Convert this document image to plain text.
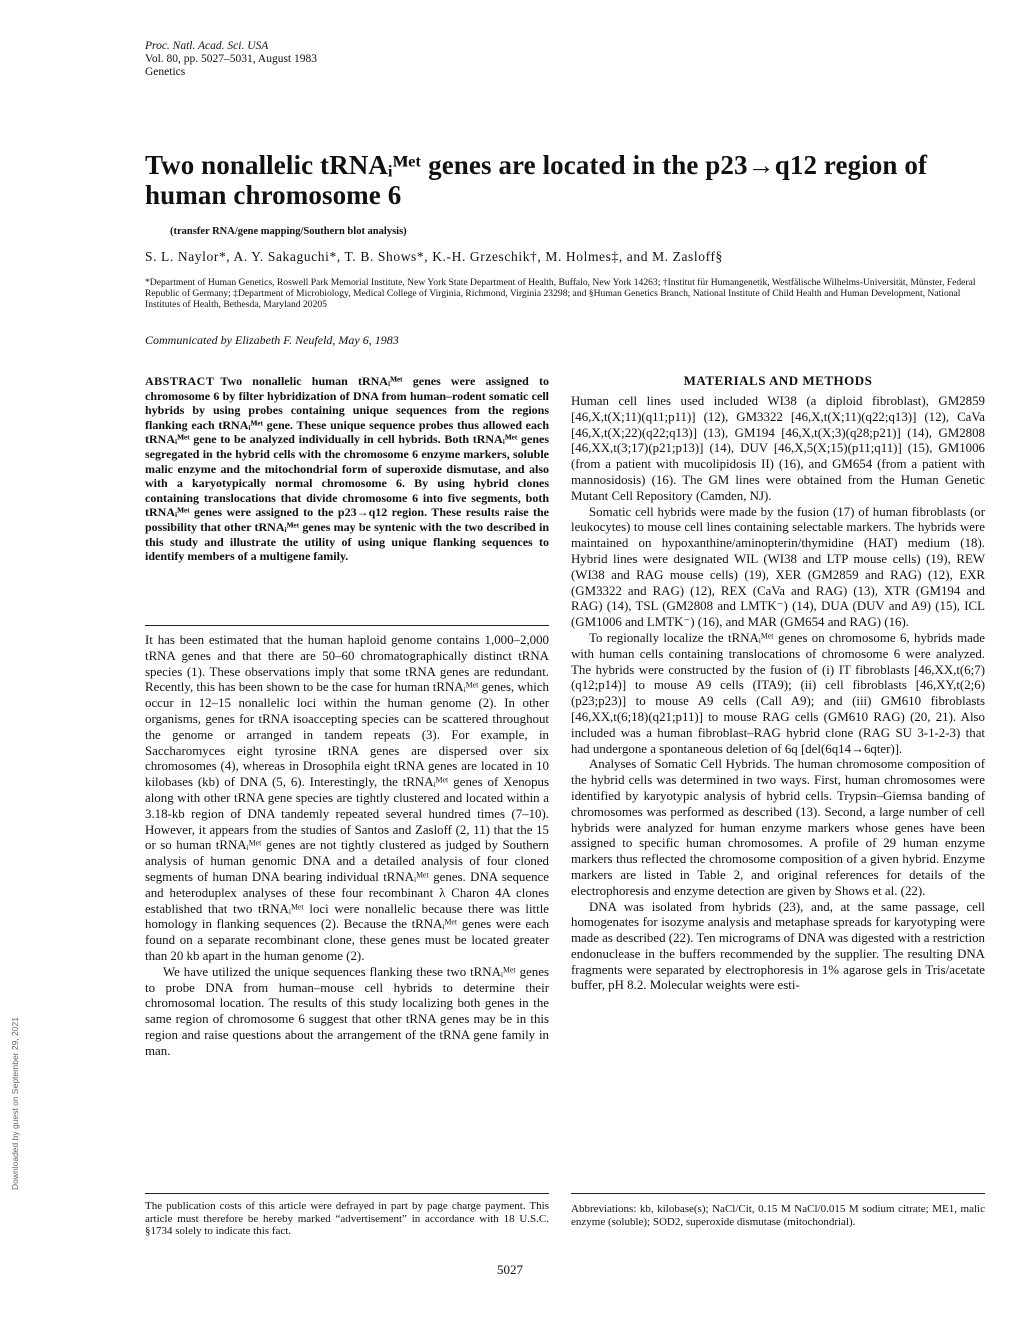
Proc. Natl. Acad. Sci. USA
Vol. 80, pp. 5027–5031, August 1983
Genetics
Two nonallelic tRNAᵢᴹᵉᵗ genes are located in the p23→q12 region of human chromosome 6
(transfer RNA/gene mapping/Southern blot analysis)
S. L. Naylor*, A. Y. Sakaguchi*, T. B. Shows*, K.-H. Grzeschik†, M. Holmes‡, and M. Zasloff§
*Department of Human Genetics, Roswell Park Memorial Institute, New York State Department of Health, Buffalo, New York 14263; †Institut für Humangenetik, Westfälische Wilhelms-Universität, Münster, Federal Republic of Germany; ‡Department of Microbiology, Medical College of Virginia, Richmond, Virginia 23298; and §Human Genetics Branch, National Institute of Child Health and Human Development, National Institutes of Health, Bethesda, Maryland 20205
Communicated by Elizabeth F. Neufeld, May 6, 1983
ABSTRACT Two nonallelic human tRNAᵢᴹᵉᵗ genes were assigned to chromosome 6 by filter hybridization of DNA from human–rodent somatic cell hybrids by using probes containing unique sequences from the regions flanking each tRNAᵢᴹᵉᵗ gene. These unique sequence probes thus allowed each tRNAᵢᴹᵉᵗ gene to be analyzed individually in cell hybrids. Both tRNAᵢᴹᵉᵗ genes segregated in the hybrid cells with the chromosome 6 enzyme markers, soluble malic enzyme and the mitochondrial form of superoxide dismutase, and also with a karyotypically normal chromosome 6. By using hybrid clones containing translocations that divide chromosome 6 into five segments, both tRNAᵢᴹᵉᵗ genes were assigned to the p23→q12 region. These results raise the possibility that other tRNAᵢᴹᵉᵗ genes may be syntenic with the two described in this study and illustrate the utility of using unique flanking sequences to identify members of a multigene family.

It has been estimated that the human haploid genome contains 1,000–2,000 tRNA genes and that there are 50–60 chromatographically distinct tRNA species (1). These observations imply that some tRNA genes are redundant. Recently, this has been shown to be the case for human tRNAᵢᴹᵉᵗ genes, which occur in 12–15 nonallelic loci within the human genome (2). In other organisms, genes for tRNA isoaccepting species can be scattered throughout the genome or arranged in tandem repeats (3). For example, in Saccharomyces eight tyrosine tRNA genes are dispersed over six chromosomes (4), whereas in Drosophila eight tRNA genes are located in 10 kilobases (kb) of DNA (5, 6). Interestingly, the tRNAᵢᴹᵉᵗ genes of Xenopus along with other tRNA gene species are tightly clustered and located within a 3.18-kb region of DNA tandemly repeated several hundred times (7–10). However, it appears from the studies of Santos and Zasloff (2, 11) that the 15 or so human tRNAᵢᴹᵉᵗ genes are not tightly clustered as judged by Southern analysis of human genomic DNA and a detailed analysis of four cloned segments of human DNA bearing individual tRNAᵢᴹᵉᵗ genes. DNA sequence and heteroduplex analyses of these four recombinant λ Charon 4A clones established that two tRNAᵢᴹᵉᵗ loci were nonallelic because there was little homology in flanking sequences (2). Because the tRNAᵢᴹᵉᵗ genes were each found on a separate recombinant clone, these genes must be located greater than 20 kb apart in the human genome (2).

We have utilized the unique sequences flanking these two tRNAᵢᴹᵉᵗ genes to probe DNA from human–mouse cell hybrids to determine their chromosomal location. The results of this study localizing both genes in the same region of chromosome 6 suggest that other tRNA genes may be in this region and raise questions about the arrangement of the tRNA gene family in man.

MATERIALS AND METHODS

Human cell lines used included WI38 (a diploid fibroblast), GM2859 [46,X,t(X;11)(q11;p11)] (12), GM3322 [46,X,t(X;11)(q22;q13)] (12), CaVa [46,X,t(X;22)(q22;q13)] (13), GM194 [46,X,t(X;3)(q28;p21)] (14), GM2808 [46,XX,t(3;17)(p21;p13)] (14), DUV [46,X,5(X;15)(p11;q11)] (15), GM1006 (from a patient with mucolipidosis II) (16), and GM654 (from a patient with mannosidosis) (16). The GM lines were obtained from the Human Genetic Mutant Cell Repository (Camden, NJ).

Somatic cell hybrids were made by the fusion (17) of human fibroblasts (or leukocytes) to mouse cell lines containing selectable markers. The hybrids were maintained on hypoxanthine/aminopterin/thymidine (HAT) medium (18). Hybrid lines were designated WIL (WI38 and LTP mouse cells) (19), REW (WI38 and RAG mouse cells) (19), XER (GM2859 and RAG) (12), EXR (GM3322 and RAG) (12), REX (CaVa and RAG) (13), XTR (GM194 and RAG) (14), TSL (GM2808 and LMTK⁻) (14), DUA (DUV and A9) (15), ICL (GM1006 and LMTK⁻) (16), and MAR (GM654 and RAG) (16).

To regionally localize the tRNAᵢᴹᵉᵗ genes on chromosome 6, hybrids made with human cells containing translocations of chromosome 6 were analyzed. The hybrids were constructed by the fusion of (i) IT fibroblasts [46,XX,t(6;7)(q12;p14)] to mouse A9 cells (ITA9); (ii) cell fibroblasts [46,XY,t(2;6)(p23;p23)] to mouse A9 cells (Call A9); and (iii) GM610 fibroblasts [46,XX,t(6;18)(q21;p11)] to mouse RAG cells (GM610 RAG) (20, 21). Also included was a human fibroblast–RAG hybrid clone (RAG SU 3-1-2-3) that had undergone a spontaneous deletion of 6q [del(6q14→6qter)].

Analyses of Somatic Cell Hybrids. The human chromosome composition of the hybrid cells was determined in two ways. First, human chromosomes were identified by karyotypic analysis of hybrid cells. Trypsin–Giemsa banding of chromosomes was performed as described (13). Second, a large number of cell hybrids were analyzed for human enzyme markers whose genes have been assigned to specific human chromosomes. A profile of 29 human enzyme markers thus reflected the chromosome composition of a given hybrid. Enzyme markers are listed in Table 2, and original references for details of the electrophoresis and enzyme detection are given by Shows et al. (22).

DNA was isolated from hybrids (23), and, at the same passage, cell homogenates for isozyme analysis and metaphase spreads for karyotyping were made as described (22). Ten micrograms of DNA was digested with a restriction endonuclease in the buffers recommended by the supplier. The resulting DNA fragments were separated by electrophoresis in 1% agarose gels in Tris/acetate buffer, pH 8.2. Molecular weights were esti-

The publication costs of this article were defrayed in part by page charge payment. This article must therefore be hereby marked “advertisement” in accordance with 18 U.S.C. §1734 solely to indicate this fact.
Abbreviations: kb, kilobase(s); NaCl/Cit, 0.15 M NaCl/0.015 M sodium citrate; ME1, malic enzyme (soluble); SOD2, superoxide dismutase (mitochondrial).
5027
Downloaded by guest on September 29, 2021
